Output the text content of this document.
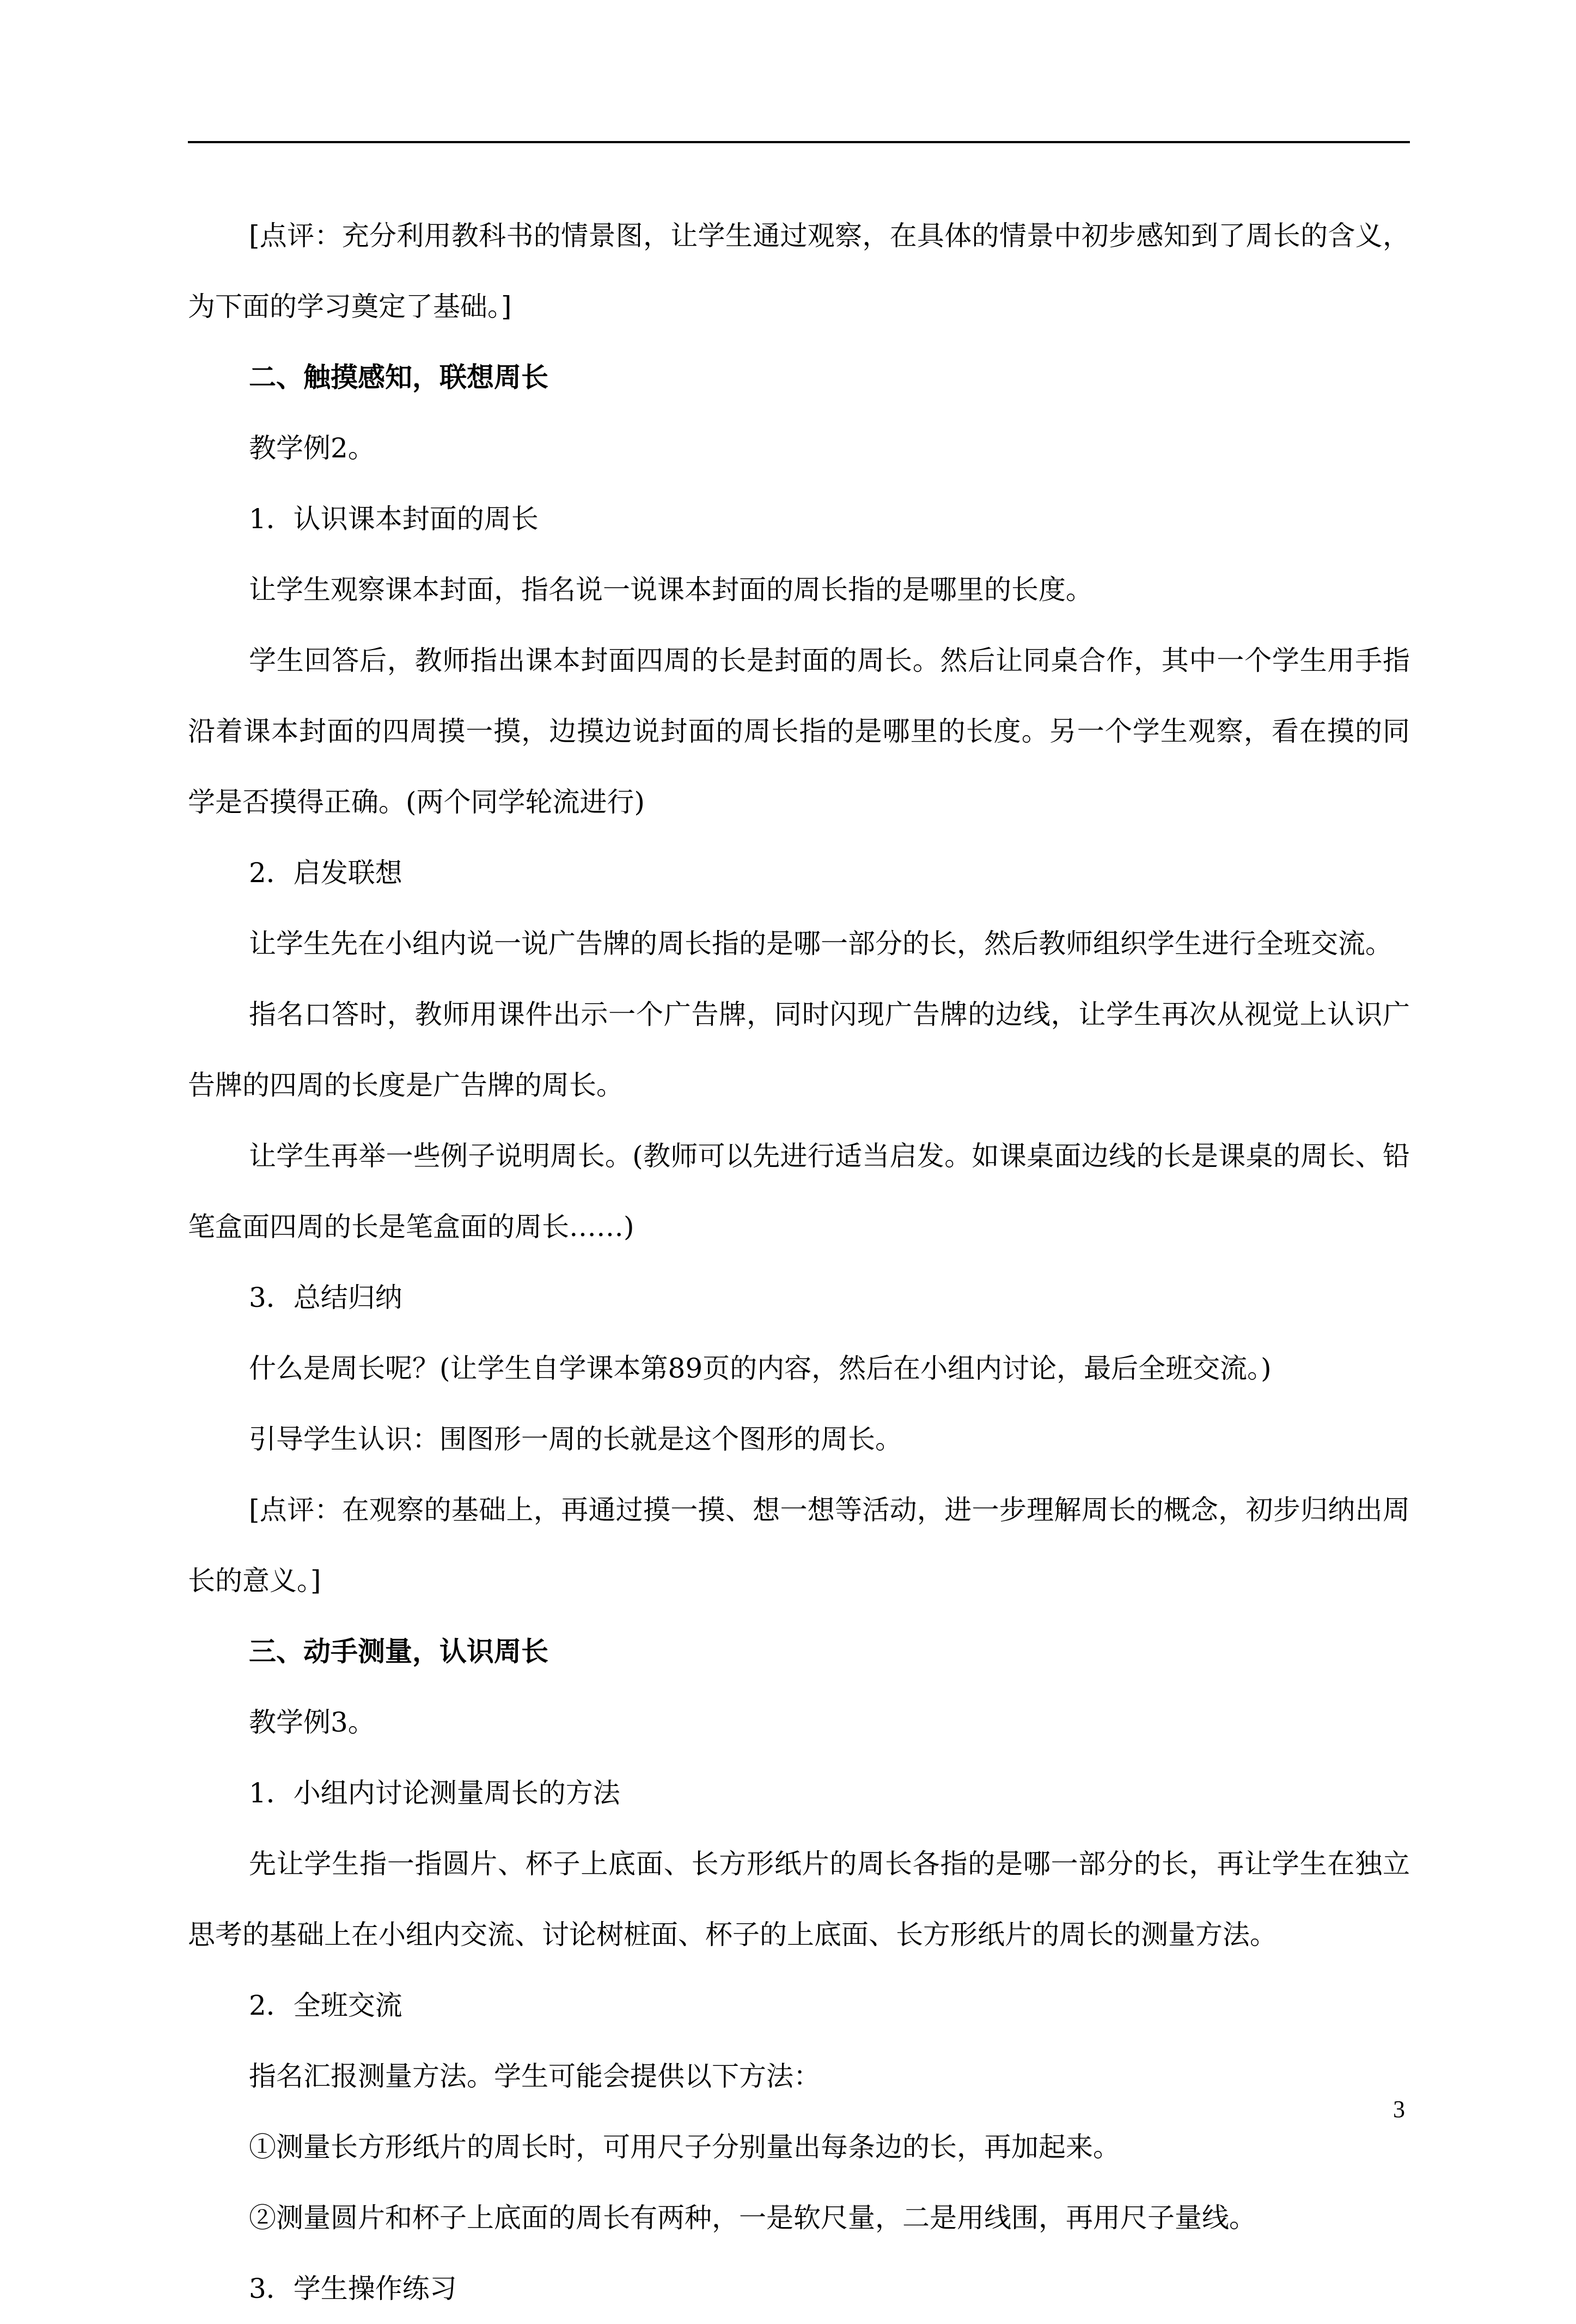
[点评：充分利用教科书的情景图，让学生通过观察，在具体的情景中初步感知到了周长的含义，为下面的学习奠定了基础。]

二、触摸感知，联想周长

教学例2。

1．认识课本封面的周长

让学生观察课本封面，指名说一说课本封面的周长指的是哪里的长度。

学生回答后，教师指出课本封面四周的长是封面的周长。然后让同桌合作，其中一个学生用手指沿着课本封面的四周摸一摸，边摸边说封面的周长指的是哪里的长度。另一个学生观察，看在摸的同学是否摸得正确。(两个同学轮流进行)

2．启发联想

让学生先在小组内说一说广告牌的周长指的是哪一部分的长，然后教师组织学生进行全班交流。

指名口答时，教师用课件出示一个广告牌，同时闪现广告牌的边线，让学生再次从视觉上认识广告牌的四周的长度是广告牌的周长。

让学生再举一些例子说明周长。(教师可以先进行适当启发。如课桌面边线的长是课桌的周长、铅笔盒面四周的长是笔盒面的周长……)

3．总结归纳

什么是周长呢？(让学生自学课本第89页的内容，然后在小组内讨论，最后全班交流。)

引导学生认识：围图形一周的长就是这个图形的周长。

[点评：在观察的基础上，再通过摸一摸、想一想等活动，进一步理解周长的概念，初步归纳出周长的意义。]

三、动手测量，认识周长

教学例3。

1．小组内讨论测量周长的方法

先让学生指一指圆片、杯子上底面、长方形纸片的周长各指的是哪一部分的长，再让学生在独立思考的基础上在小组内交流、讨论树桩面、杯子的上底面、长方形纸片的周长的测量方法。

2．全班交流

指名汇报测量方法。学生可能会提供以下方法：

①测量长方形纸片的周长时，可用尺子分别量出每条边的长，再加起来。

②测量圆片和杯子上底面的周长有两种，一是软尺量，二是用线围，再用尺子量线。

3．学生操作练习

3
